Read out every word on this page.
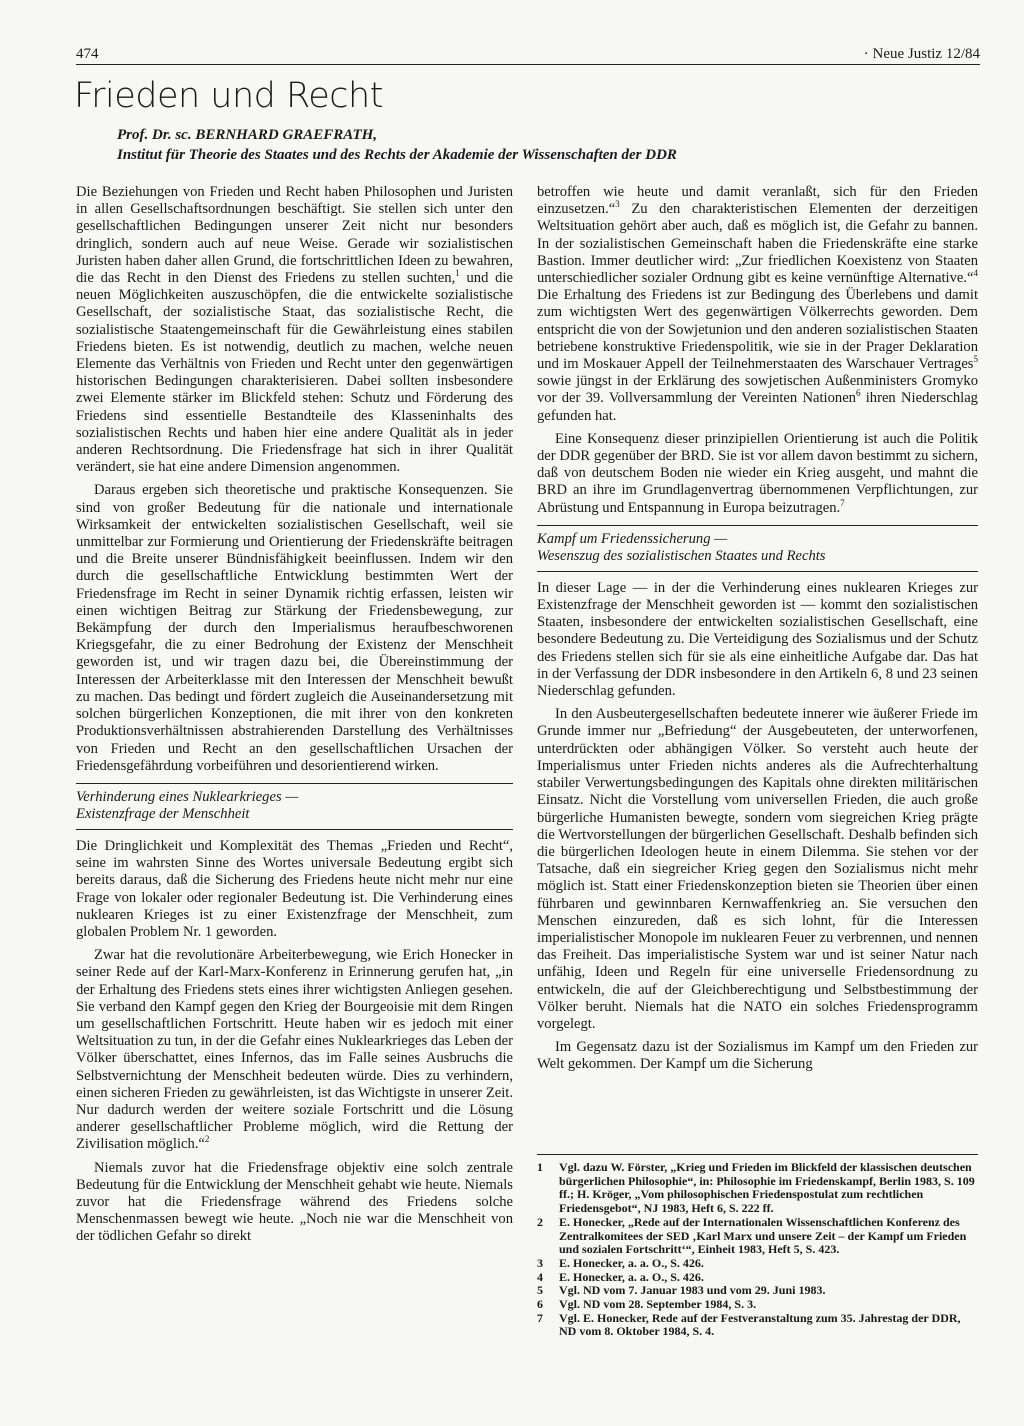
474	· Neue Justiz 12/84
Frieden und Recht
Prof. Dr. sc. BERNHARD GRAEFRATH,
Institut für Theorie des Staates und des Rechts der Akademie der Wissenschaften der DDR

Die Beziehungen von Frieden und Recht haben Philosophen und Juristen in allen Gesellschaftsordnungen beschäftigt. Sie stellen sich unter den gesellschaftlichen Bedingungen unserer Zeit nicht nur besonders dringlich, sondern auch auf neue Weise. Gerade wir sozialistischen Juristen haben daher allen Grund, die fortschrittlichen Ideen zu bewahren, die das Recht in den Dienst des Friedens zu stellen suchten,$^1$ und die neuen Möglichkeiten auszuschöpfen, die die entwickelte sozialistische Gesellschaft, der sozialistische Staat, das sozialistische Recht, die sozialistische Staatengemeinschaft für die Gewährleistung eines stabilen Friedens bieten. Es ist notwendig, deutlich zu machen, welche neuen Elemente das Verhältnis von Frieden und Recht unter den gegenwärtigen historischen Bedingungen charakterisieren. Dabei sollten insbesondere zwei Elemente stärker im Blickfeld stehen: Schutz und Förderung des Friedens sind essentielle Bestandteile des Klasseninhalts des sozialistischen Rechts und haben hier eine andere Qualität als in jeder anderen Rechtsordnung. Die Friedensfrage hat sich in ihrer Qualität verändert, sie hat eine andere Dimension angenommen.

Daraus ergeben sich theoretische und praktische Konsequenzen. Sie sind von großer Bedeutung für die nationale und internationale Wirksamkeit der entwickelten sozialistischen Gesellschaft, weil sie unmittelbar zur Formierung und Orientierung der Friedenskräfte beitragen und die Breite unserer Bündnisfähigkeit beeinflussen. Indem wir den durch die gesellschaftliche Entwicklung bestimmten Wert der Friedensfrage im Recht in seiner Dynamik richtig erfassen, leisten wir einen wichtigen Beitrag zur Stärkung der Friedensbewegung, zur Bekämpfung der durch den Imperialismus heraufbeschworenen Kriegsgefahr, die zu einer Bedrohung der Existenz der Menschheit geworden ist, und wir tragen dazu bei, die Übereinstimmung der Interessen der Arbeiterklasse mit den Interessen der Menschheit bewußt zu machen. Das bedingt und fördert zugleich die Auseinandersetzung mit solchen bürgerlichen Konzeptionen, die mit ihrer von den konkreten Produktionsverhältnissen abstrahierenden Darstellung des Verhältnisses von Frieden und Recht an den gesellschaftlichen Ursachen der Friedensgefährdung vorbeiführen und desorientierend wirken.

Verhinderung eines Nuklearkrieges —
Existenzfrage der Menschheit

Die Dringlichkeit und Komplexität des Themas „Frieden und Recht“, seine im wahrsten Sinne des Wortes universale Bedeutung ergibt sich bereits daraus, daß die Sicherung des Friedens heute nicht mehr nur eine Frage von lokaler oder regionaler Bedeutung ist. Die Verhinderung eines nuklearen Krieges ist zu einer Existenzfrage der Menschheit, zum globalen Problem Nr. 1 geworden.

Zwar hat die revolutionäre Arbeiterbewegung, wie Erich Honecker in seiner Rede auf der Karl-Marx-Konferenz in Erinnerung gerufen hat, „in der Erhaltung des Friedens stets eines ihrer wichtigsten Anliegen gesehen. Sie verband den Kampf gegen den Krieg der Bourgeoisie mit dem Ringen um gesellschaftlichen Fortschritt. Heute haben wir es jedoch mit einer Weltsituation zu tun, in der die Gefahr eines Nuklearkrieges das Leben der Völker überschattet, eines Infernos, das im Falle seines Ausbruchs die Selbstvernichtung der Menschheit bedeuten würde. Dies zu verhindern, einen sicheren Frieden zu gewährleisten, ist das Wichtigste in unserer Zeit. Nur dadurch werden der weitere soziale Fortschritt und die Lösung anderer gesellschaftlicher Probleme möglich, wird die Rettung der Zivilisation möglich.“$^2$

Niemals zuvor hat die Friedensfrage objektiv eine solch zentrale Bedeutung für die Entwicklung der Menschheit gehabt wie heute. Niemals zuvor hat die Friedensfrage während des Friedens solche Menschenmassen bewegt wie heute. „Noch nie war die Menschheit von der tödlichen Gefahr so direkt

betroffen wie heute und damit veranlaßt, sich für den Frieden einzusetzen.“$^3$ Zu den charakteristischen Elementen der derzeitigen Weltsituation gehört aber auch, daß es möglich ist, die Gefahr zu bannen. In der sozialistischen Gemeinschaft haben die Friedenskräfte eine starke Bastion. Immer deutlicher wird: „Zur friedlichen Koexistenz von Staaten unterschiedlicher sozialer Ordnung gibt es keine vernünftige Alternative.“$^4$ Die Erhaltung des Friedens ist zur Bedingung des Überlebens und damit zum wichtigsten Wert des gegenwärtigen Völkerrechts geworden. Dem entspricht die von der Sowjetunion und den anderen sozialistischen Staaten betriebene konstruktive Friedenspolitik, wie sie in der Prager Deklaration und im Moskauer Appell der Teilnehmerstaaten des Warschauer Vertrages$^5$ sowie jüngst in der Erklärung des sowjetischen Außenministers Gromyko vor der 39. Vollversammlung der Vereinten Nationen$^6$ ihren Niederschlag gefunden hat.

Eine Konsequenz dieser prinzipiellen Orientierung ist auch die Politik der DDR gegenüber der BRD. Sie ist vor allem davon bestimmt zu sichern, daß von deutschem Boden nie wieder ein Krieg ausgeht, und mahnt die BRD an ihre im Grundlagenvertrag übernommenen Verpflichtungen, zur Abrüstung und Entspannung in Europa beizutragen.$^7$

Kampf um Friedenssicherung —
Wesenszug des sozialistischen Staates und Rechts

In dieser Lage — in der die Verhinderung eines nuklearen Krieges zur Existenzfrage der Menschheit geworden ist — kommt den sozialistischen Staaten, insbesondere der entwickelten sozialistischen Gesellschaft, eine besondere Bedeutung zu. Die Verteidigung des Sozialismus und der Schutz des Friedens stellen sich für sie als eine einheitliche Aufgabe dar. Das hat in der Verfassung der DDR insbesondere in den Artikeln 6, 8 und 23 seinen Niederschlag gefunden.

In den Ausbeutergesellschaften bedeutete innerer wie äußerer Friede im Grunde immer nur „Befriedung“ der Ausgebeuteten, der unterworfenen, unterdrückten oder abhängigen Völker. So versteht auch heute der Imperialismus unter Frieden nichts anderes als die Aufrechterhaltung stabiler Verwertungsbedingungen des Kapitals ohne direkten militärischen Einsatz. Nicht die Vorstellung vom universellen Frieden, die auch große bürgerliche Humanisten bewegte, sondern vom siegreichen Krieg prägte die Wertvorstellungen der bürgerlichen Gesellschaft. Deshalb befinden sich die bürgerlichen Ideologen heute in einem Dilemma. Sie stehen vor der Tatsache, daß ein siegreicher Krieg gegen den Sozialismus nicht mehr möglich ist. Statt einer Friedenskonzeption bieten sie Theorien über einen führbaren und gewinnbaren Kernwaffenkrieg an. Sie versuchen den Menschen einzureden, daß es sich lohnt, für die Interessen imperialistischer Monopole im nuklearen Feuer zu verbrennen, und nennen das Freiheit. Das imperialistische System war und ist seiner Natur nach unfähig, Ideen und Regeln für eine universelle Friedensordnung zu entwickeln, die auf der Gleichberechtigung und Selbstbestimmung der Völker beruht. Niemals hat die NATO ein solches Friedensprogramm vorgelegt.

Im Gegensatz dazu ist der Sozialismus im Kampf um den Frieden zur Welt gekommen. Der Kampf um die Sicherung

1	Vgl. dazu W. Förster, „Krieg und Frieden im Blickfeld der klassischen deutschen bürgerlichen Philosophie“, in: Philosophie im Friedenskampf, Berlin 1983, S. 109 ff.; H. Kröger, „Vom philosophischen Friedenspostulat zum rechtlichen Friedensgebot“, NJ 1983, Heft 6, S. 222 ff.
2	E. Honecker, „Rede auf der Internationalen Wissenschaftlichen Konferenz des Zentralkomitees der SED ‚Karl Marx und unsere Zeit – der Kampf um Frieden und sozialen Fortschritt‘“, Einheit 1983, Heft 5, S. 423.
3	E. Honecker, a. a. O., S. 426.
4	E. Honecker, a. a. O., S. 426.
5	Vgl. ND vom 7. Januar 1983 und vom 29. Juni 1983.
6	Vgl. ND vom 28. September 1984, S. 3.
7	Vgl. E. Honecker, Rede auf der Festveranstaltung zum 35. Jahrestag der DDR, ND vom 8. Oktober 1984, S. 4.
